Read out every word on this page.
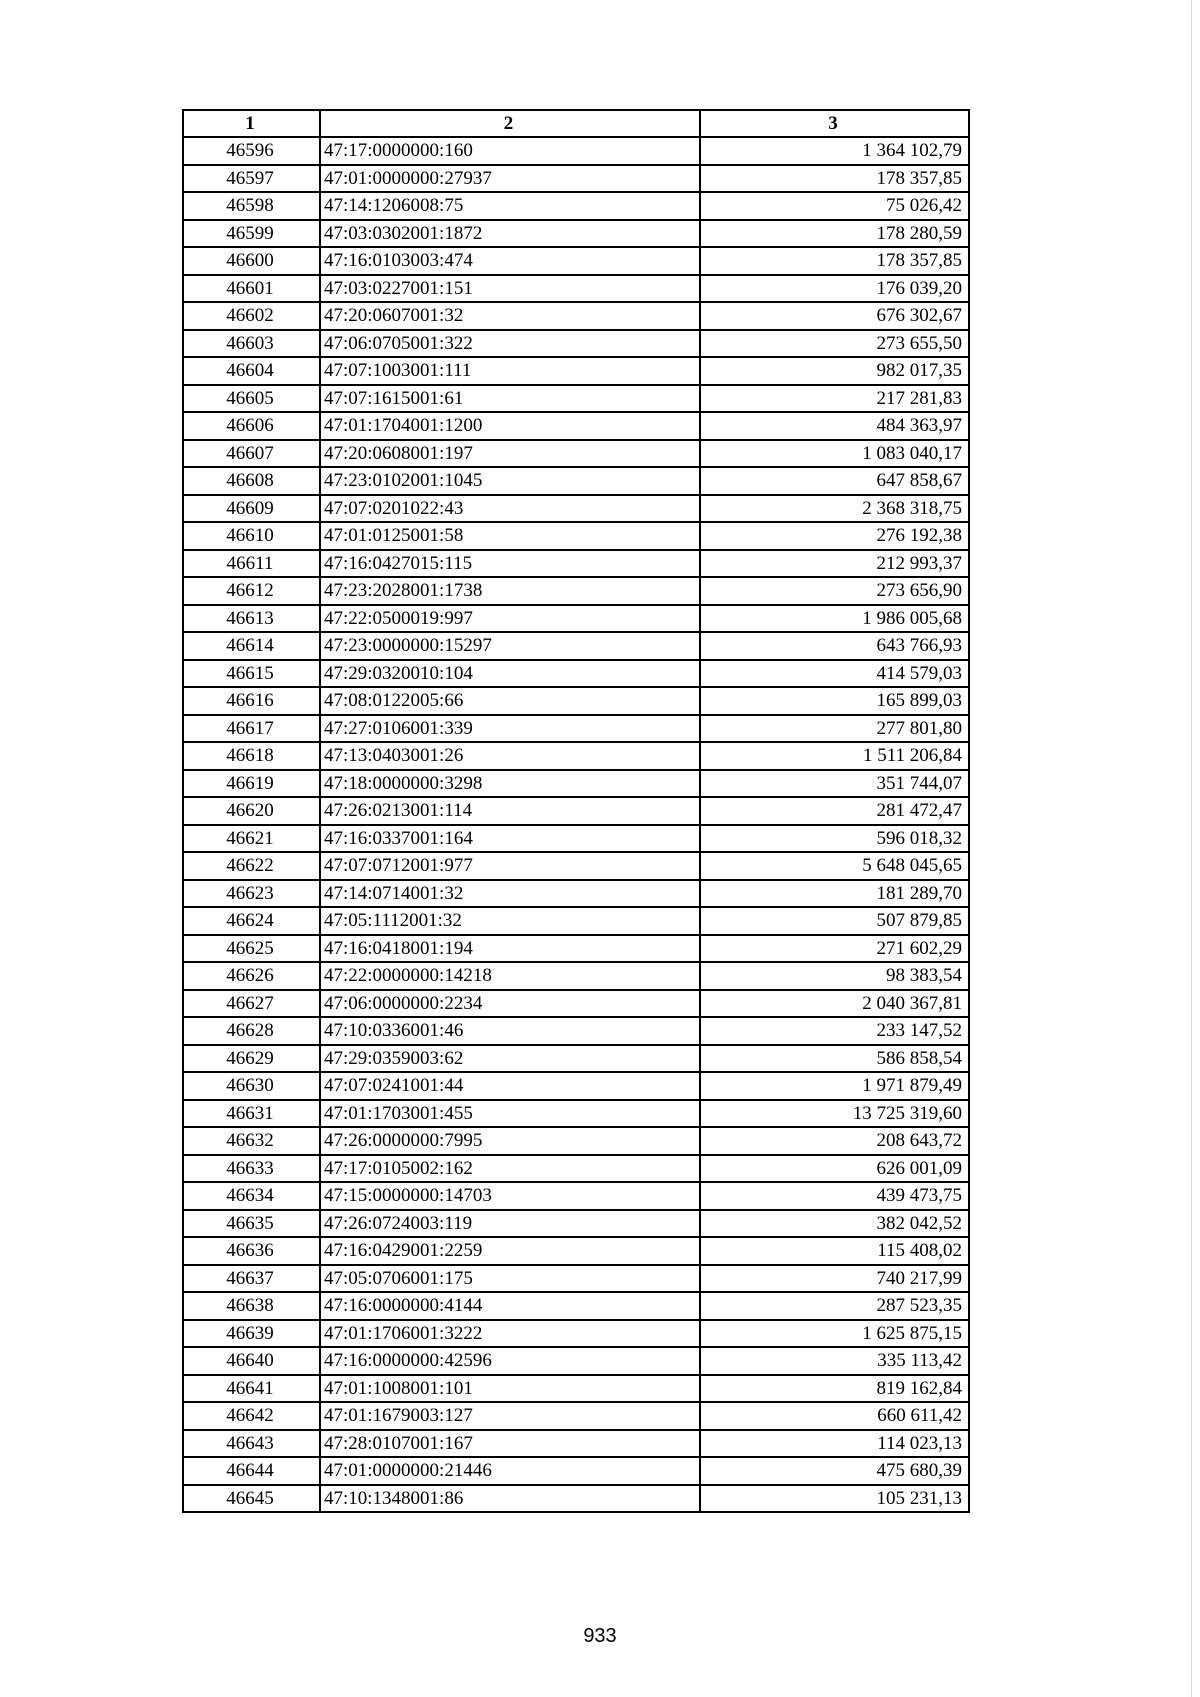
1	2	3
46596	47:17:0000000:160	1 364 102,79
46597	47:01:0000000:27937	178 357,85
46598	47:14:1206008:75	75 026,42
46599	47:03:0302001:1872	178 280,59
46600	47:16:0103003:474	178 357,85
46601	47:03:0227001:151	176 039,20
46602	47:20:0607001:32	676 302,67
46603	47:06:0705001:322	273 655,50
46604	47:07:1003001:111	982 017,35
46605	47:07:1615001:61	217 281,83
46606	47:01:1704001:1200	484 363,97
46607	47:20:0608001:197	1 083 040,17
46608	47:23:0102001:1045	647 858,67
46609	47:07:0201022:43	2 368 318,75
46610	47:01:0125001:58	276 192,38
46611	47:16:0427015:115	212 993,37
46612	47:23:2028001:1738	273 656,90
46613	47:22:0500019:997	1 986 005,68
46614	47:23:0000000:15297	643 766,93
46615	47:29:0320010:104	414 579,03
46616	47:08:0122005:66	165 899,03
46617	47:27:0106001:339	277 801,80
46618	47:13:0403001:26	1 511 206,84
46619	47:18:0000000:3298	351 744,07
46620	47:26:0213001:114	281 472,47
46621	47:16:0337001:164	596 018,32
46622	47:07:0712001:977	5 648 045,65
46623	47:14:0714001:32	181 289,70
46624	47:05:1112001:32	507 879,85
46625	47:16:0418001:194	271 602,29
46626	47:22:0000000:14218	98 383,54
46627	47:06:0000000:2234	2 040 367,81
46628	47:10:0336001:46	233 147,52
46629	47:29:0359003:62	586 858,54
46630	47:07:0241001:44	1 971 879,49
46631	47:01:1703001:455	13 725 319,60
46632	47:26:0000000:7995	208 643,72
46633	47:17:0105002:162	626 001,09
46634	47:15:0000000:14703	439 473,75
46635	47:26:0724003:119	382 042,52
46636	47:16:0429001:2259	115 408,02
46637	47:05:0706001:175	740 217,99
46638	47:16:0000000:4144	287 523,35
46639	47:01:1706001:3222	1 625 875,15
46640	47:16:0000000:42596	335 113,42
46641	47:01:1008001:101	819 162,84
46642	47:01:1679003:127	660 611,42
46643	47:28:0107001:167	114 023,13
46644	47:01:0000000:21446	475 680,39
46645	47:10:1348001:86	105 231,13
933
